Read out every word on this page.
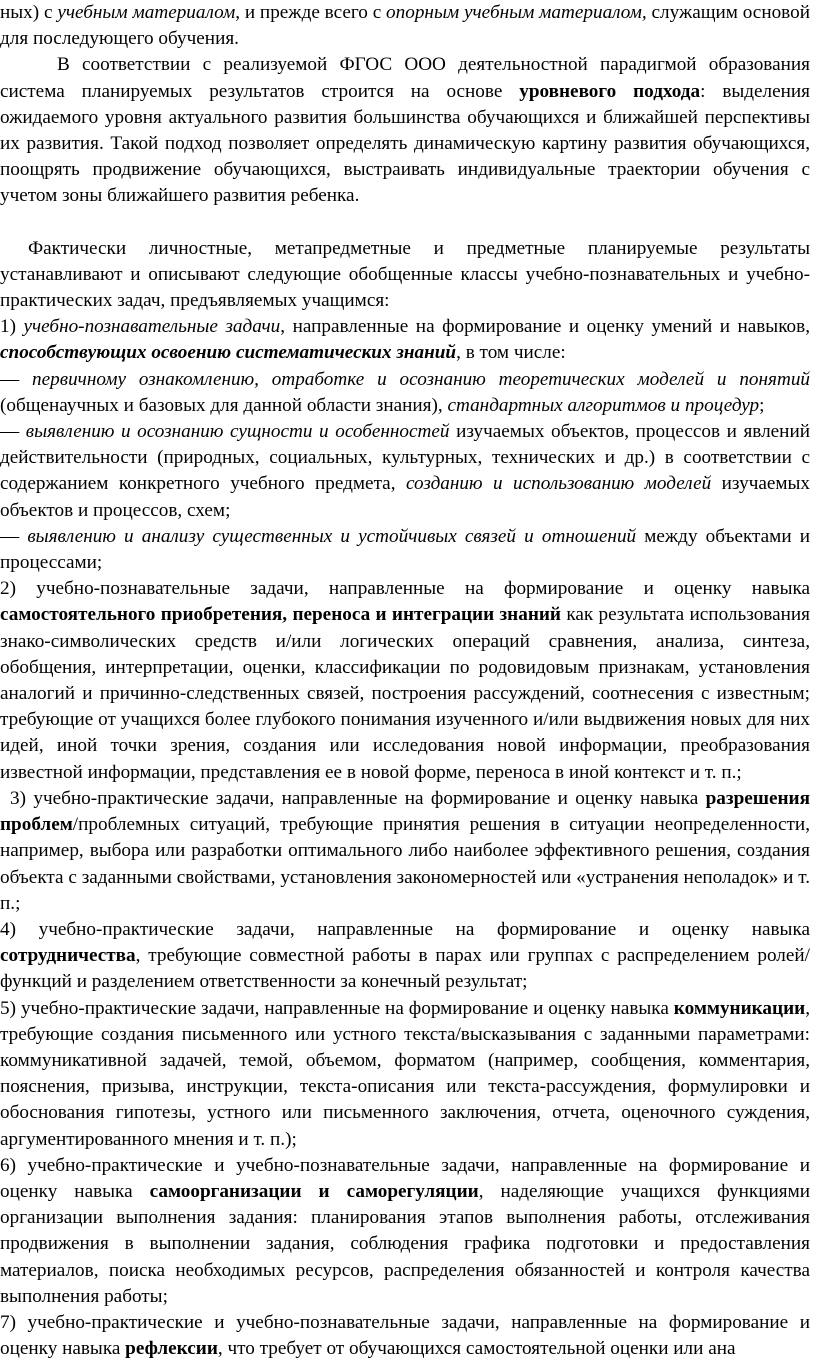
ных) с учебным материалом, и прежде всего с опорным учебным материалом, служащим основой для последующего обучения.

В соответствии с реализуемой ФГОС ООО деятельностной парадигмой образования система планируемых результатов строится на основе уровневого подхода: выделения ожидаемого уровня актуального развития большинства обучающихся и ближайшей перспективы их развития. Такой подход позволяет определять динамическую картину развития обучающихся, поощрять продвижение обучающихся, выстраивать индивидуальные траектории обучения с учетом зоны ближайшего развития ребенка.

Фактически личностные, метапредметные и предметные планируемые результаты устанавливают и описывают следующие обобщенные классы учебно-познавательных и учебно-практических задач, предъявляемых учащимся:

1) учебно-познавательные задачи, направленные на формирование и оценку умений и навыков, способствующих освоению систематических знаний, в том числе:

— первичному ознакомлению, отработке и осознанию теоретических моделей и понятий (общенаучных и базовых для данной области знания), стандартных алгоритмов и процедур;

— выявлению и осознанию сущности и особенностей изучаемых объектов, процессов и явлений действительности (природных, социальных, культурных, технических и др.) в соответствии с содержанием конкретного учебного предмета, созданию и использованию моделей изучаемых объектов и процессов, схем;

— выявлению и анализу существенных и устойчивых связей и отношений между объектами и процессами;

2) учебно-познавательные задачи, направленные на формирование и оценку навыка самостоятельного приобретения, переноса и интеграции знаний как результата использования знако-символических средств и/или логических операций сравнения, анализа, синтеза, обобщения, интерпретации, оценки, классификации по родовидовым признакам, установления аналогий и причинно-следственных связей, построения рассуждений, соотнесения с известным; требующие от учащихся более глубокого понимания изученного и/или выдвижения новых для них идей, иной точки зрения, создания или исследования новой информации, преобразования известной информации, представления ее в новой форме, переноса в иной контекст и т. п.;

3) учебно-практические задачи, направленные на формирование и оценку навыка разрешения проблем/проблемных ситуаций, требующие принятия решения в ситуации неопределенности, например, выбора или разработки оптимального либо наиболее эффективного решения, создания объекта с заданными свойствами, установления закономерностей или «устранения неполадок» и т. п.;

4) учебно-практические задачи, направленные на формирование и оценку навыка сотрудничества, требующие совместной работы в парах или группах с распределением ролей/функций и разделением ответственности за конечный результат;

5) учебно-практические задачи, направленные на формирование и оценку навыка коммуникации, требующие создания письменного или устного текста/высказывания с заданными параметрами: коммуникативной задачей, темой, объемом, форматом (например, сообщения, комментария, пояснения, призыва, инструкции, текста-описания или текста-рассуждения, формулировки и обоснования гипотезы, устного или письменного заключения, отчета, оценочного суждения, аргументированного мнения и т. п.);

6) учебно-практические и учебно-познавательные задачи, направленные на формирование и оценку навыка самоорганизации и саморегуляции, наделяющие учащихся функциями организации выполнения задания: планирования этапов выполнения работы, отслеживания продвижения в выполнении задания, соблюдения графика подготовки и предоставления материалов, поиска необходимых ресурсов, распределения обязанностей и контроля качества выполнения работы;

7) учебно-практические и учебно-познавательные задачи, направленные на формирование и оценку навыка рефлексии, что требует от обучающихся самостоятельной оценки или ана
